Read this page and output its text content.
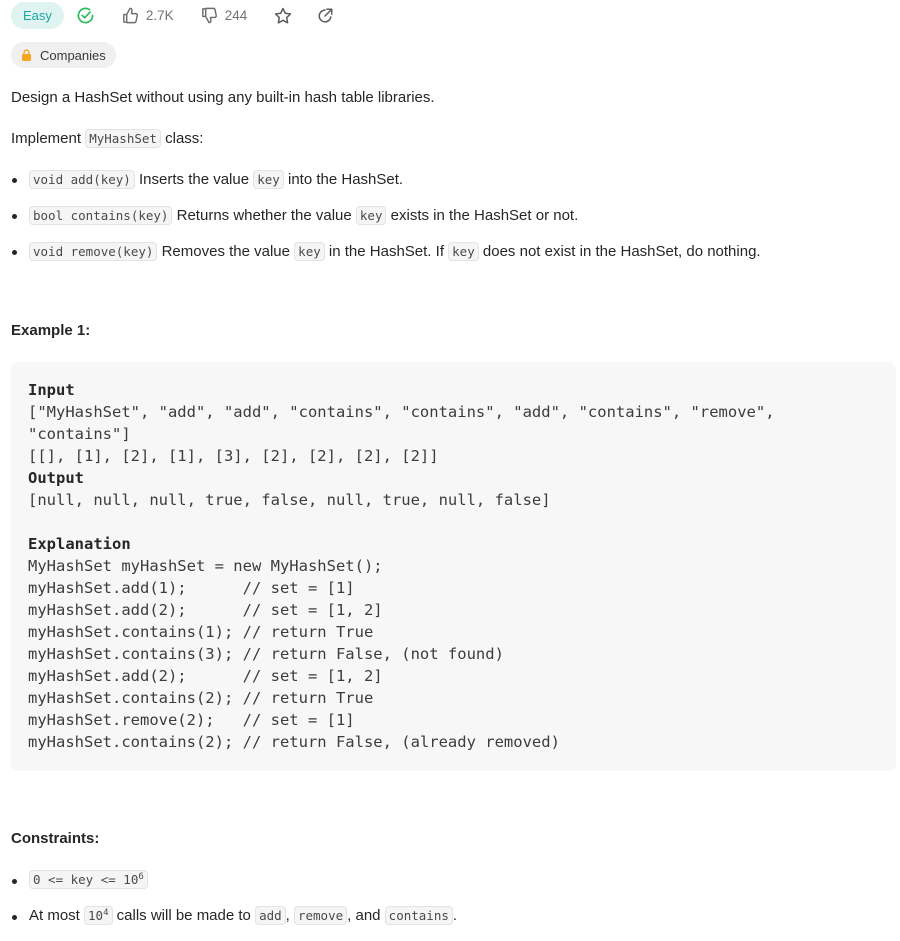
Easy	2.7K	244
Companies

Design a HashSet without using any built-in hash table libraries.

Implement MyHashSet class:

void add(key) Inserts the value key into the HashSet.
bool contains(key) Returns whether the value key exists in the HashSet or not.
void remove(key) Removes the value key in the HashSet. If key does not exist in the HashSet, do nothing.
Example 1:
Input
["MyHashSet", "add", "add", "contains", "contains", "add", "contains", "remove",
"contains"]
[[], [1], [2], [1], [3], [2], [2], [2], [2]]
Output
[null, null, null, true, false, null, true, null, false]
Explanation
MyHashSet myHashSet = new MyHashSet();
myHashSet.add(1);      // set = [1]
myHashSet.add(2);      // set = [1, 2]
myHashSet.contains(1); // return True
myHashSet.contains(3); // return False, (not found)
myHashSet.add(2);      // set = [1, 2]
myHashSet.contains(2); // return True
myHashSet.remove(2);   // set = [1]
myHashSet.contains(2); // return False, (already removed)
Constraints:
0 <= key <= $10^6$
At most $10^4$ calls will be made to add , remove , and contains .
